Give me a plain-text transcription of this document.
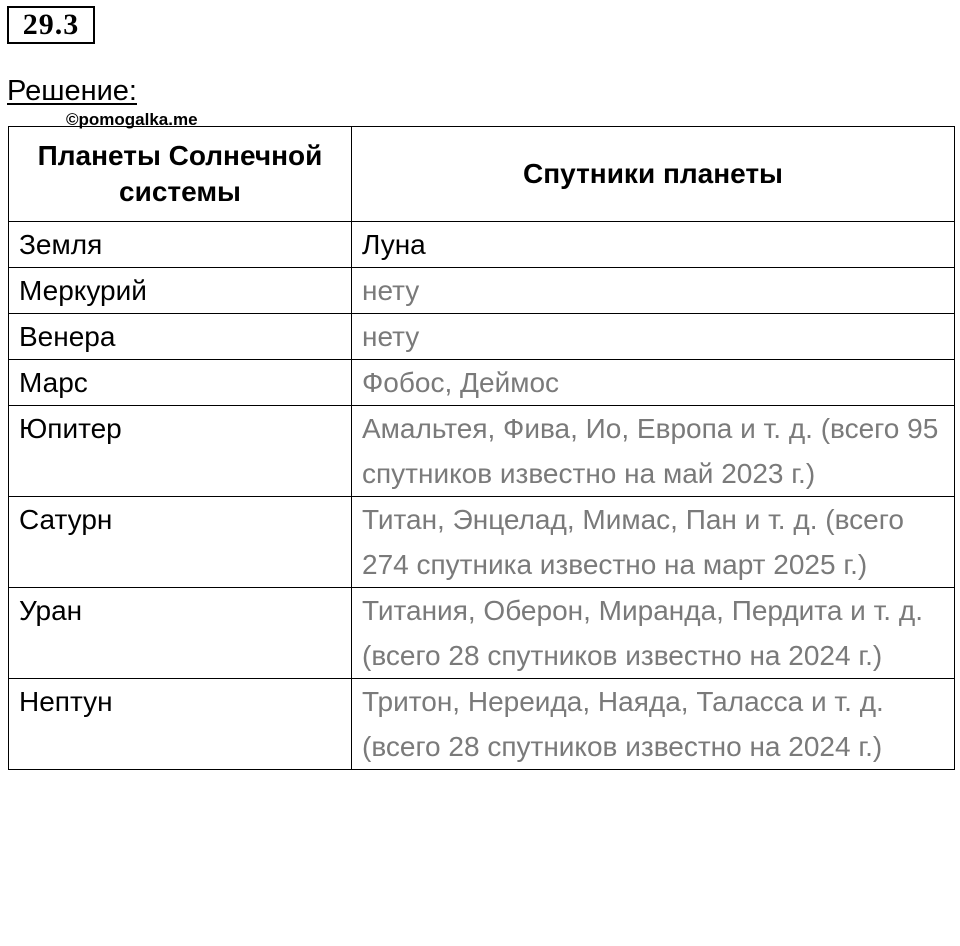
29.3
Решение:
©pomogalka.me
Планеты Солнечной системы	Спутники планеты
Земля	Луна
Меркурий	нету
Венера	нету
Марс	Фобос, Деймос
Юпитер	Амальтея, Фива, Ио, Европа и т. д. (всего 95 спутников известно на май 2023 г.)
Сатурн	Титан, Энцелад, Мимас, Пан и т. д. (всего 274 спутника известно на март 2025 г.)
Уран	Титания, Оберон, Миранда, Пердита и т. д. (всего 28 спутников известно на 2024 г.)
Нептун	Тритон, Нереида, Наяда, Таласса и т. д. (всего 28 спутников известно на 2024 г.)
